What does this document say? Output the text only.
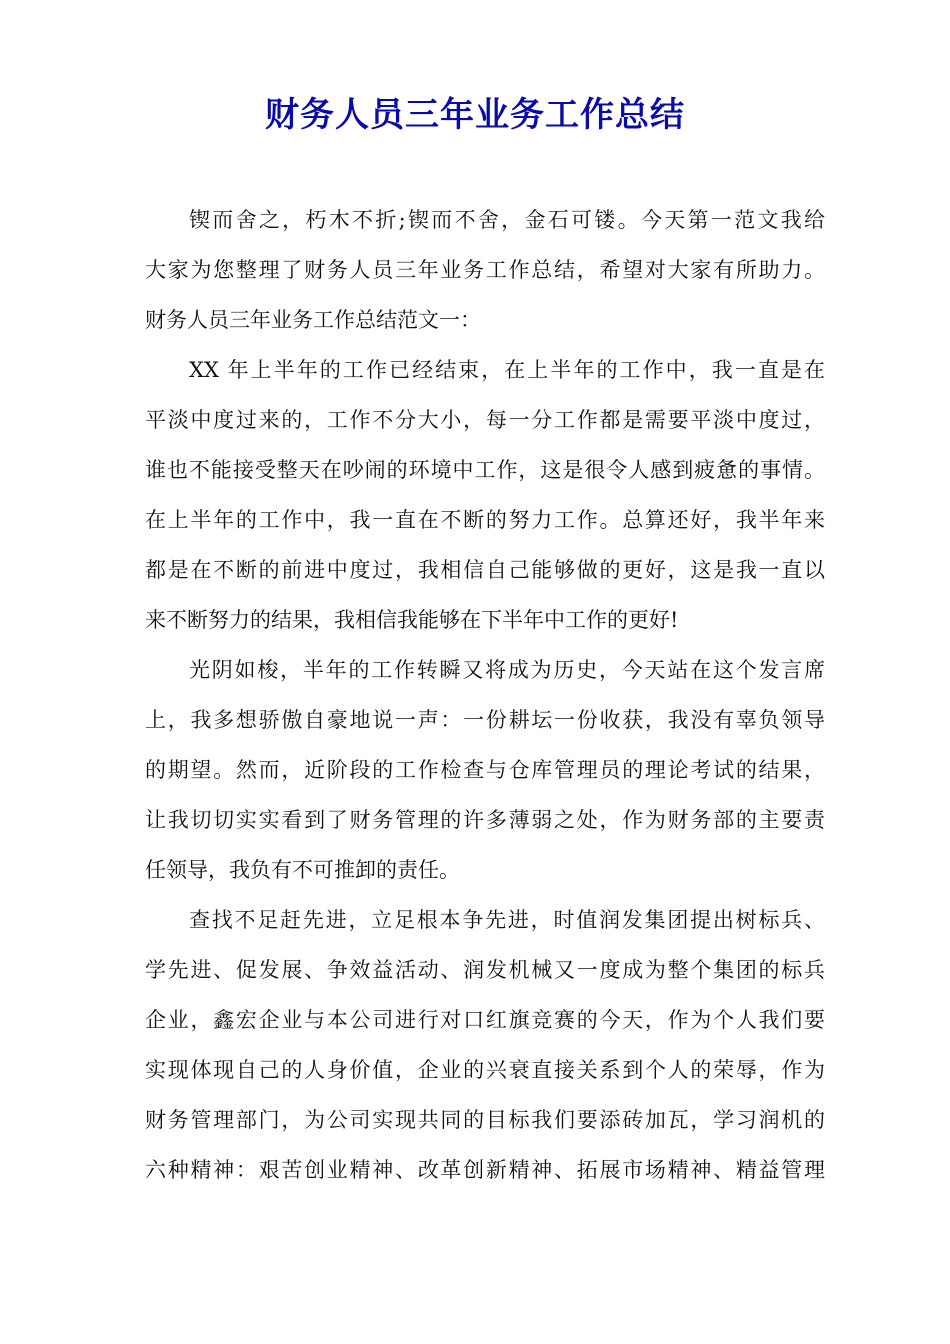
财务人员三年业务工作总结
锲而舍之，朽木不折;锲而不舍，金石可镂。今天第一范文我给
大家为您整理了财务人员三年业务工作总结，希望对大家有所助力。
财务人员三年业务工作总结范文一：
XX 年上半年的工作已经结束，在上半年的工作中，我一直是在
平淡中度过来的，工作不分大小，每一分工作都是需要平淡中度过，
谁也不能接受整天在吵闹的环境中工作，这是很令人感到疲惫的事情。
在上半年的工作中，我一直在不断的努力工作。总算还好，我半年来
都是在不断的前进中度过，我相信自己能够做的更好，这是我一直以
来不断努力的结果，我相信我能够在下半年中工作的更好!
光阴如梭，半年的工作转瞬又将成为历史，今天站在这个发言席
上，我多想骄傲自豪地说一声：一份耕坛一份收获，我没有辜负领导
的期望。然而，近阶段的工作检查与仓库管理员的理论考试的结果，
让我切切实实看到了财务管理的许多薄弱之处，作为财务部的主要责
任领导，我负有不可推卸的责任。
查找不足赶先进，立足根本争先进，时值润发集团提出树标兵、
学先进、促发展、争效益活动、润发机械又一度成为整个集团的标兵
企业，鑫宏企业与本公司进行对口红旗竞赛的今天，作为个人我们要
实现体现自己的人身价值，企业的兴衰直接关系到个人的荣辱，作为
财务管理部门，为公司实现共同的目标我们要添砖加瓦，学习润机的
六种精神：艰苦创业精神、改革创新精神、拓展市场精神、精益管理
